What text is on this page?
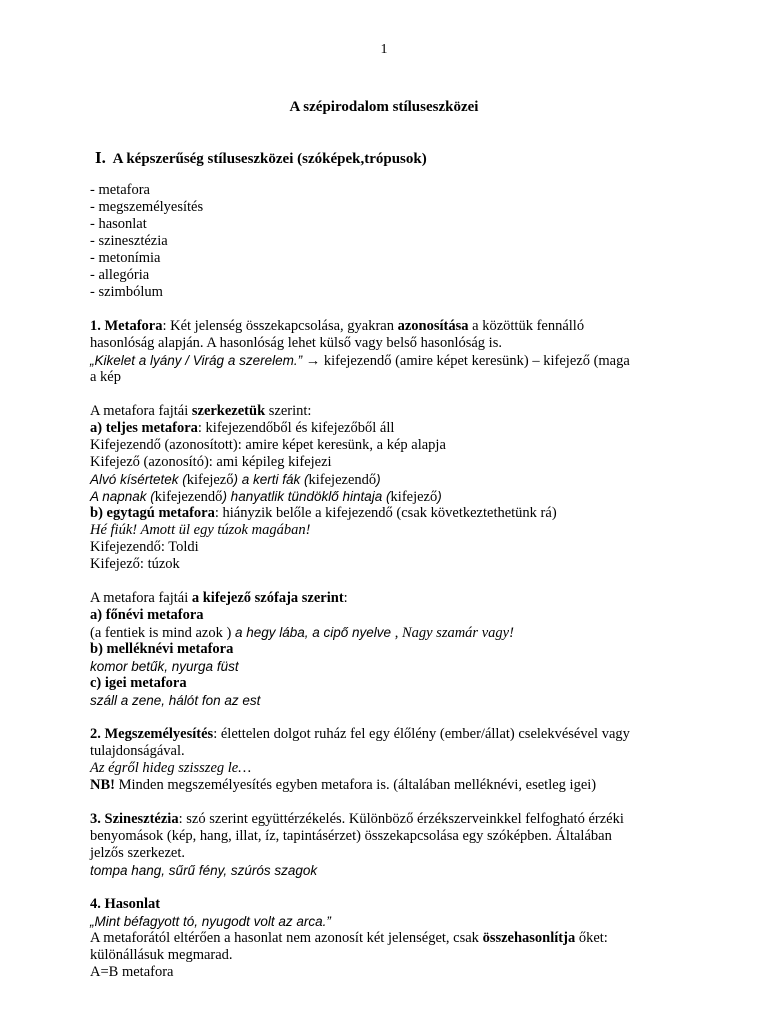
1
A szépirodalom stíluseszközei
I. A képszerűség stíluseszközei (szóképek,trópusok)
- metafora
- megszemélyesítés
- hasonlat
- szinesztézia
- metonímia
- allegória
- szimbólum
1. Metafora: Két jelenség összekapcsolása, gyakran azonosítása a közöttük fennálló
hasonlóság alapján. A hasonlóság lehet külső vagy belső hasonlóság is.
„Kikelet a lyány / Virág a szerelem.” → kifejezendő (amire képet keresünk) – kifejező (maga
a kép
A metafora fajtái szerkezetük szerint:
a) teljes metafora: kifejezendőből és kifejezőből áll
Kifejezendő (azonosított): amire képet keresünk, a kép alapja
Kifejező (azonosító): ami képileg kifejezi
Alvó kísértetek (kifejező) a kerti fák (kifejezendő)
A napnak (kifejezendő) hanyatlik tündöklő hintaja (kifejező)
b) egytagú metafora: hiányzik belőle a kifejezendő (csak következtethetünk rá)
Hé fiúk! Amott ül egy túzok magában!
Kifejezendő: Toldi
Kifejező: túzok
A metafora fajtái a kifejező szófaja szerint:
a) főnévi metafora
(a fentiek is mind azok ) a hegy lába, a cipő nyelve , Nagy szamár vagy!
b) melléknévi metafora
komor betűk, nyurga füst
c) igei metafora
száll a zene, hálót fon az est
2. Megszemélyesítés: élettelen dolgot ruház fel egy élőlény (ember/állat) cselekvésével vagy
tulajdonságával.
Az égről hideg szisszeg le…
NB! Minden megszemélyesítés egyben metafora is. (általában melléknévi, esetleg igei)
3. Szinesztézia: szó szerint együttérzékelés. Különböző érzékszerveinkkel felfogható érzéki
benyomások (kép, hang, illat, íz, tapintásérzet) összekapcsolása egy szóképben. Általában
jelzős szerkezet.
tompa hang, sűrű fény, szúrós szagok
4. Hasonlat
„Mint béfagyott tó, nyugodt volt az arca.”
A metaforától eltérően a hasonlat nem azonosít két jelenséget, csak összehasonlítja őket:
különállásuk megmarad.
A=B metafora
